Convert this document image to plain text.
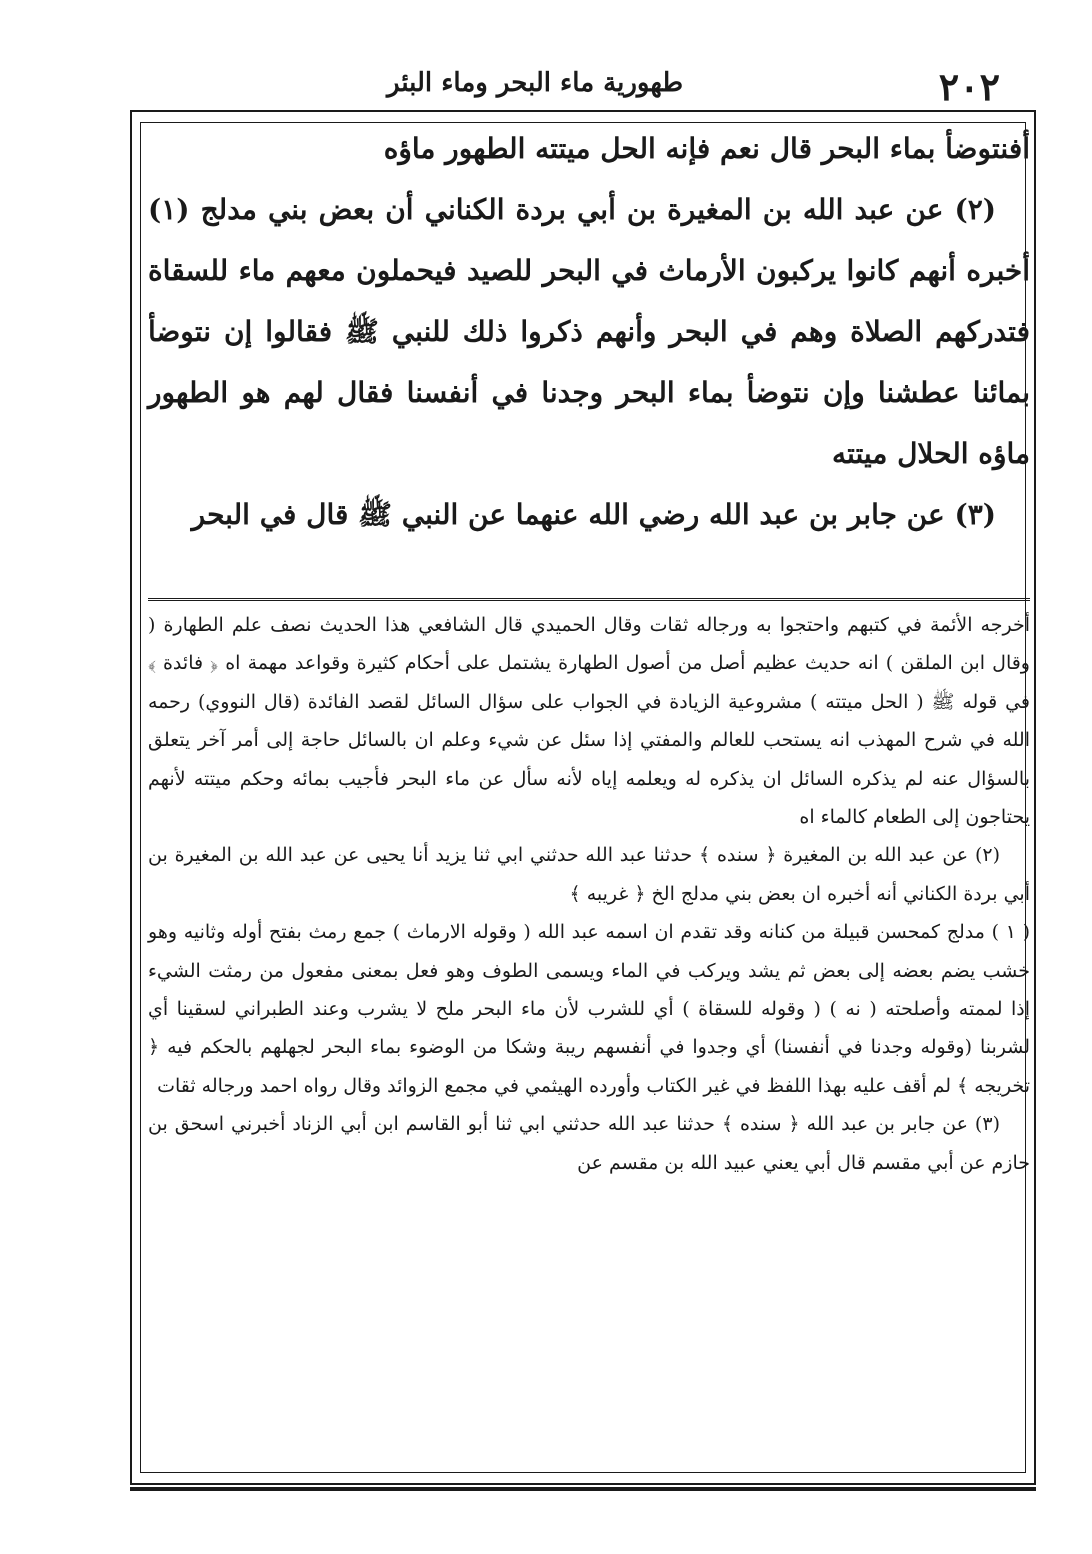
٢٠٢
طهورية ماء البحر وماء البئر

أفنتوضأ بماء البحر قال نعم فإنه الحل ميتته الطهور ماؤه

(٢) عن عبد الله بن المغيرة بن أبي بردة الكناني أن بعض بني مدلج (١) أخبره أنهم كانوا يركبون الأرماث في البحر للصيد فيحملون معهم ماء للسقاة فتدركهم الصلاة وهم في البحر وأنهم ذكروا ذلك للنبي ﷺ فقالوا إن نتوضأ بمائنا عطشنا وإن نتوضأ بماء البحر وجدنا في أنفسنا فقال لهم هو الطهور ماؤه الحلال ميتته

(٣) عن جابر بن عبد الله رضي الله عنهما عن النبي ﷺ قال في البحر

أخرجه الأئمة في كتبهم واحتجوا به ورجاله ثقات وقال الحميدي قال الشافعي هذا الحديث نصف علم الطهارة ( وقال ابن الملقن ) انه حديث عظيم أصل من أصول الطهارة يشتمل على أحكام كثيرة وقواعد مهمة اه ﴿ فائدة ﴾ في قوله ﷺ ( الحل ميتته ) مشروعية الزيادة في الجواب على سؤال السائل لقصد الفائدة (قال النووي) رحمه الله في شرح المهذب انه يستحب للعالم والمفتي إذا سئل عن شيء وعلم ان بالسائل حاجة إلى أمر آخر يتعلق بالسؤال عنه لم يذكره السائل ان يذكره له ويعلمه إياه لأنه سأل عن ماء البحر فأجيب بمائه وحكم ميتته لأنهم يحتاجون إلى الطعام كالماء اه

(٢) عن عبد الله بن المغيرة ﴿ سنده ﴾ حدثنا عبد الله حدثني ابي ثنا يزيد أنا يحيى عن عبد الله بن المغيرة بن أبي بردة الكناني أنه أخبره ان بعض بني مدلج الخ ﴿ غريبه ﴾

( ١ ) مدلج كمحسن قبيلة من كنانه وقد تقدم ان اسمه عبد الله ( وقوله الارماث ) جمع رمث بفتح أوله وثانيه وهو خشب يضم بعضه إلى بعض ثم يشد ويركب في الماء ويسمى الطوف وهو فعل بمعنى مفعول من رمثت الشيء إذا لممته وأصلحته ( نه ) ( وقوله للسقاة ) أي للشرب لأن ماء البحر ملح لا يشرب وعند الطبراني لسقينا أي لشربنا (وقوله وجدنا في أنفسنا) أي وجدوا في أنفسهم ريبة وشكا من الوضوء بماء البحر لجهلهم بالحكم فيه ﴿ تخريجه ﴾ لم أقف عليه بهذا اللفظ في غير الكتاب وأورده الهيثمي في مجمع الزوائد وقال رواه احمد ورجاله ثقات

(٣) عن جابر بن عبد الله ﴿ سنده ﴾ حدثنا عبد الله حدثني ابي ثنا أبو القاسم ابن أبي الزناد أخبرني اسحق بن حازم عن أبي مقسم قال أبي يعني عبيد الله بن مقسم عن
